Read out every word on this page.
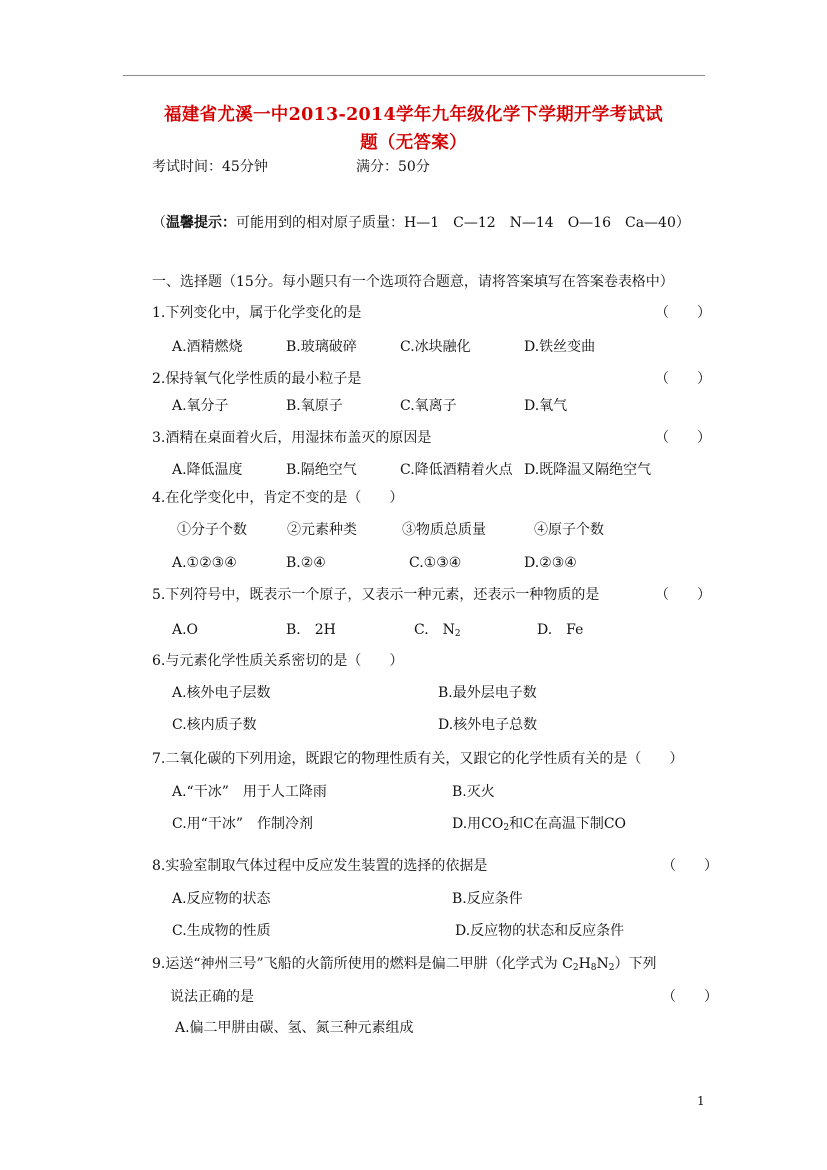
福建省尤溪一中2013-2014学年九年级化学下学期开学考试试
题（无答案）
考试时间：45分钟	满分：50分
（温馨提示：可能用到的相对原子质量：H—1　C—12　N—14　O—16　Ca—40）
一、选择题（15分。每小题只有一个选项符合题意，请将答案填写在答案卷表格中）
1.下列变化中，属于化学变化的是	（　　）
A.酒精燃烧	B.玻璃破碎	C.冰块融化	D.铁丝变曲
2.保持氧气化学性质的最小粒子是	（　　）
A.氧分子	B.氧原子	C.氧离子	D.氧气
3.酒精在桌面着火后，用湿抹布盖灭的原因是	（　　）
A.降低温度	B.隔绝空气	C.降低酒精着火点 D.既降温又隔绝空气
4.在化学变化中，肯定不变的是（　　）
①分子个数	②元素种类	③物质总质量	④原子个数
A.①②③④	B.②④	C.①③④	D.②③④
5.下列符号中，既表示一个原子，又表示一种元素，还表示一种物质的是	（　　）
A.O	B.　2H	C.　$N_2$	D.　Fe
6.与元素化学性质关系密切的是（　　）
A.核外电子层数	B.最外层电子数
C.核内质子数	D.核外电子总数
7.二氧化碳的下列用途，既跟它的物理性质有关，又跟它的化学性质有关的是（　　）
A.“干冰”　用于人工降雨	B.灭火
C.用“干冰”　作制冷剂	D.用$CO_2$和C在高温下制CO
8.实验室制取气体过程中反应发生装置的选择的依据是	（　　）
A.反应物的状态	B.反应条件
C.生成物的性质	D.反应物的状态和反应条件
9.运送“神州三号”飞船的火箭所使用的燃料是偏二甲肼（化学式为 $C_2H_8N_2$）下列
说法正确的是	（　　）
A.偏二甲肼由碳、氢、氮三种元素组成
1
